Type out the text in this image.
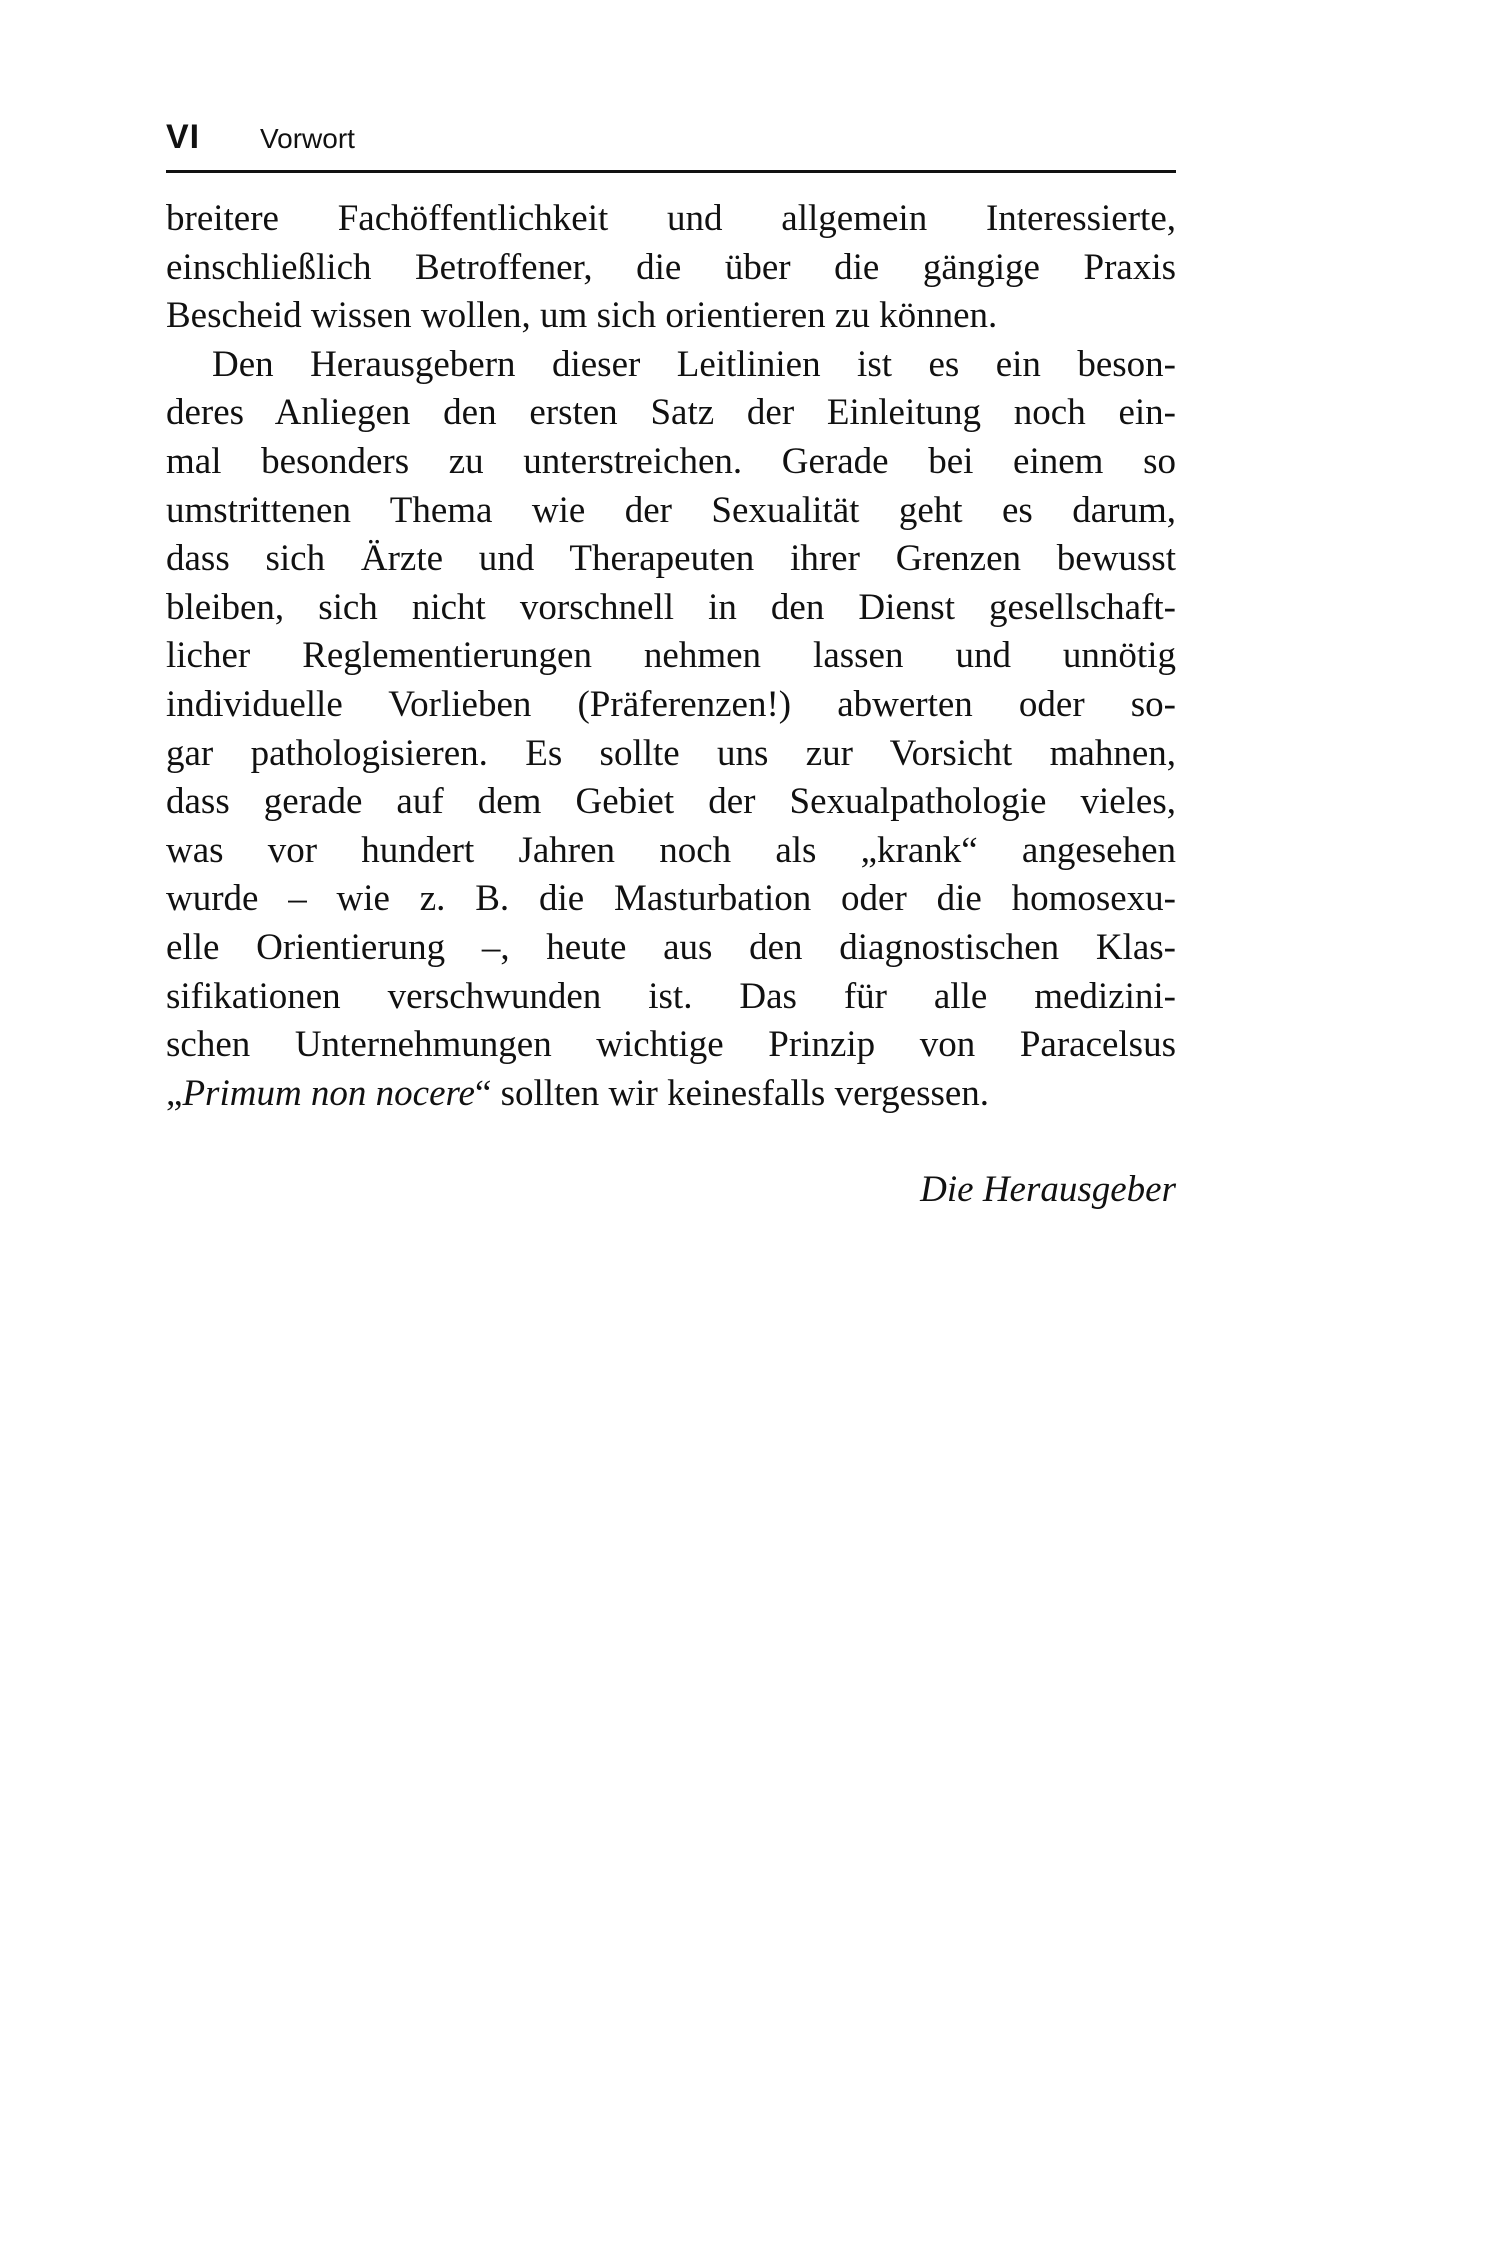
VI	Vorwort
breitere Fachöffentlichkeit und allgemein Interessierte,
einschließlich Betroffener, die über die gängige Praxis
Bescheid wissen wollen, um sich orientieren zu können.
Den Herausgebern dieser Leitlinien ist es ein beson-
deres Anliegen den ersten Satz der Einleitung noch ein-
mal besonders zu unterstreichen. Gerade bei einem so
umstrittenen Thema wie der Sexualität geht es darum,
dass sich Ärzte und Therapeuten ihrer Grenzen bewusst
bleiben, sich nicht vorschnell in den Dienst gesellschaft-
licher Reglementierungen nehmen lassen und unnötig
individuelle Vorlieben (Präferenzen!) abwerten oder so-
gar pathologisieren. Es sollte uns zur Vorsicht mahnen,
dass gerade auf dem Gebiet der Sexualpathologie vieles,
was vor hundert Jahren noch als „krank“ angesehen
wurde – wie z. B. die Masturbation oder die homosexu-
elle Orientierung –, heute aus den diagnostischen Klas-
sifikationen verschwunden ist. Das für alle medizini-
schen Unternehmungen wichtige Prinzip von Paracelsus
„Primum non nocere“ sollten wir keinesfalls vergessen.
Die Herausgeber
